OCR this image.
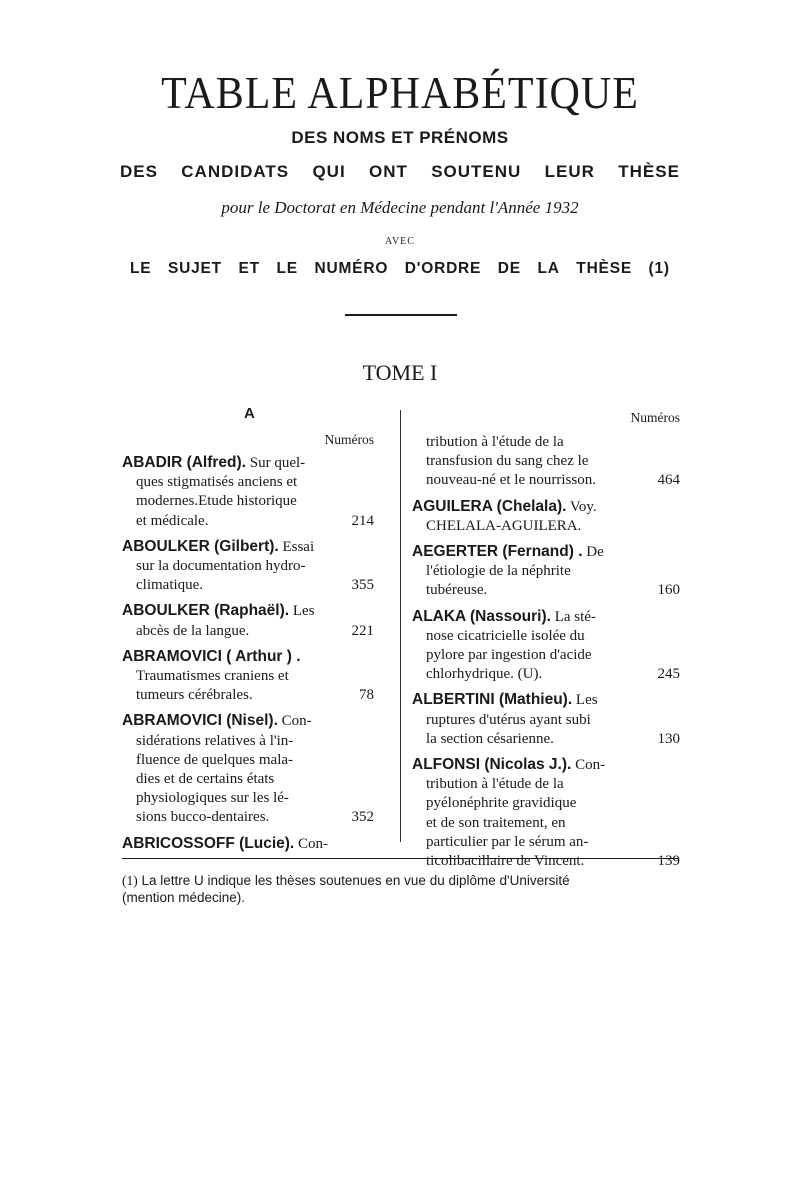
TABLE ALPHABÉTIQUE
DES NOMS ET PRÉNOMS
DES CANDIDATS QUI ONT SOUTENU LEUR THÈSE
pour le Doctorat en Médecine pendant l'Année 1932
AVEC
LE SUJET ET LE NUMÉRO D'ORDRE DE LA THÈSE (1)
TOME I
A
Numéros
ABADIR (Alfred). Sur quel-
ques stigmatisés anciens et
modernes.Etude historique
et médicale.	214
ABOULKER (Gilbert). Essai
sur la documentation hydro-
climatique.	355
ABOULKER (Raphaël). Les
abcès de la langue.	221
ABRAMOVICI ( Arthur ) .
Traumatismes craniens et
tumeurs cérébrales.	78
ABRAMOVICI (Nisel). Con-
sidérations relatives à l'in-
fluence de quelques mala-
dies et de certains états
physiologiques sur les lé-
sions bucco-dentaires.	352
ABRICOSSOFF (Lucie). Con-
Numéros
tribution à l'étude de la
transfusion du sang chez le
nouveau-né et le nourrisson.	464
AGUILERA (Chelala). Voy.
CHELALA-AGUILERA.
AEGERTER (Fernand) . De
l'étiologie de la néphrite
tubéreuse.	160
ALAKA (Nassouri). La sté-
nose cicatricielle isolée du
pylore par ingestion d'acide
chlorhydrique. (U).	245
ALBERTINI (Mathieu). Les
ruptures d'utérus ayant subi
la section césarienne.	130
ALFONSI (Nicolas J.). Con-
tribution à l'étude de la
pyélonéphrite gravidique
et de son traitement, en
particulier par le sérum an-
ticolibacillaire de Vincent.	139
(1) La lettre U indique les thèses soutenues en vue du diplôme d'Université
(mention médecine).
